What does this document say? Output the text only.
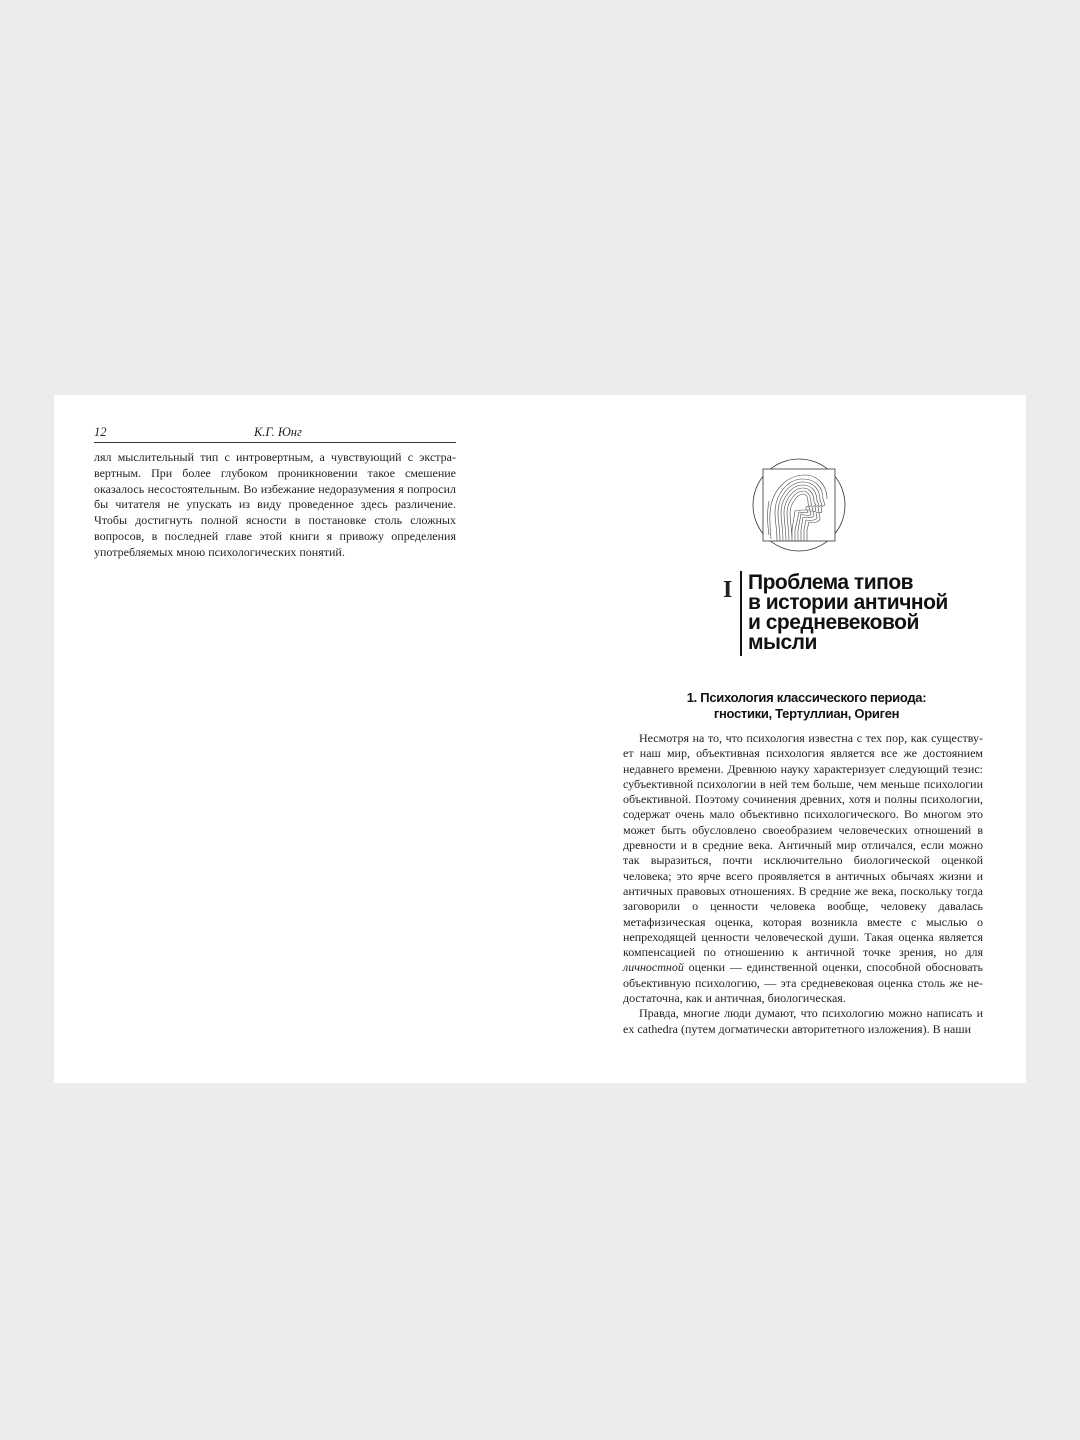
12	К.Г. Юнг

лял мыслительный тип с интровертным, а чувствующий с экстравертным. При более глубоком проникновении такое смешение оказалось несостоятельным. Во избежание недоразумения я попросил бы читателя не упускать из виду проведенное здесь различение. Чтобы достигнуть полной ясности в постановке столь сложных вопросов, в последней главе этой книги я привожу определения употребляемых мною психологических понятий.

I Проблема типов
в истории античной
и средневековой
мысли
1. Психология классического периода:
гностики, Тертуллиан, Ориген

Несмотря на то, что психология известна с тех пор, как существует наш мир, объективная психология является все же достоянием недавнего времени. Древнюю науку характеризует следующий тезис: субъективной психологии в ней тем больше, чем меньше психологии объективной. Поэтому сочинения древних, хотя и полны психологии, содержат очень мало объективно психологического. Во многом это может быть обусловлено своеобразием человеческих отношений в древности и в средние века. Античный мир отличался, если можно так выразиться, почти исключительно биологической оценкой человека; это ярче всего проявляется в античных обычаях жизни и античных правовых отношениях. В средние же века, поскольку тогда заговорили о ценности человека вообще, человеку давалась метафизическая оценка, которая возникла вместе с мыслью о непреходящей ценности человеческой души. Такая оценка является компенсацией по отношению к античной точке зрения, но для личностной оценки — единственной оценки, способной обосновать объективную психологию, — эта средневековая оценка столь же недостаточна, как и античная, биологическая.

Правда, многие люди думают, что психологию можно написать и ex cathedra (путем догматически авторитетного изложения). В наши
